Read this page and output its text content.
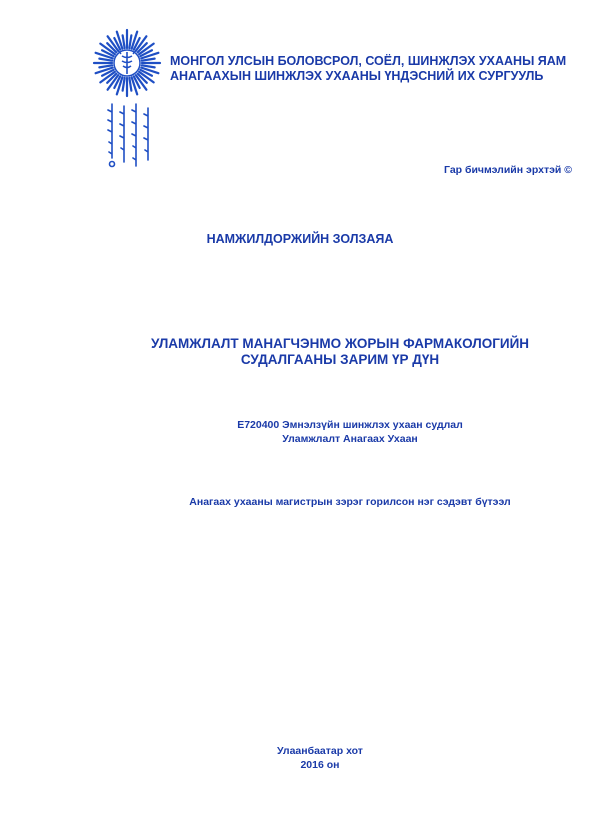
МОНГОЛ УЛСЫН БОЛОВСРОЛ, СОЁЛ, ШИНЖЛЭХ УХААНЫ ЯАМ
АНАГААХЫН ШИНЖЛЭХ УХААНЫ ҮНДЭСНИЙ ИХ СУРГУУЛЬ
Гар бичмэлийн эрхтэй ©
НАМЖИЛДОРЖИЙН ЗОЛЗАЯА
УЛАМЖЛАЛТ МАНАГЧЭНМО ЖОРЫН ФАРМАКОЛОГИЙН
СУДАЛГААНЫ ЗАРИМ ҮР ДҮН
E720400 Эмнэлзүйн шинжлэх ухаан судлал
Уламжлалт Анагаах Ухаан
Анагаах ухааны магистрын зэрэг горилсон нэг сэдэвт бүтээл
Улаанбаатар хот
2016 он
